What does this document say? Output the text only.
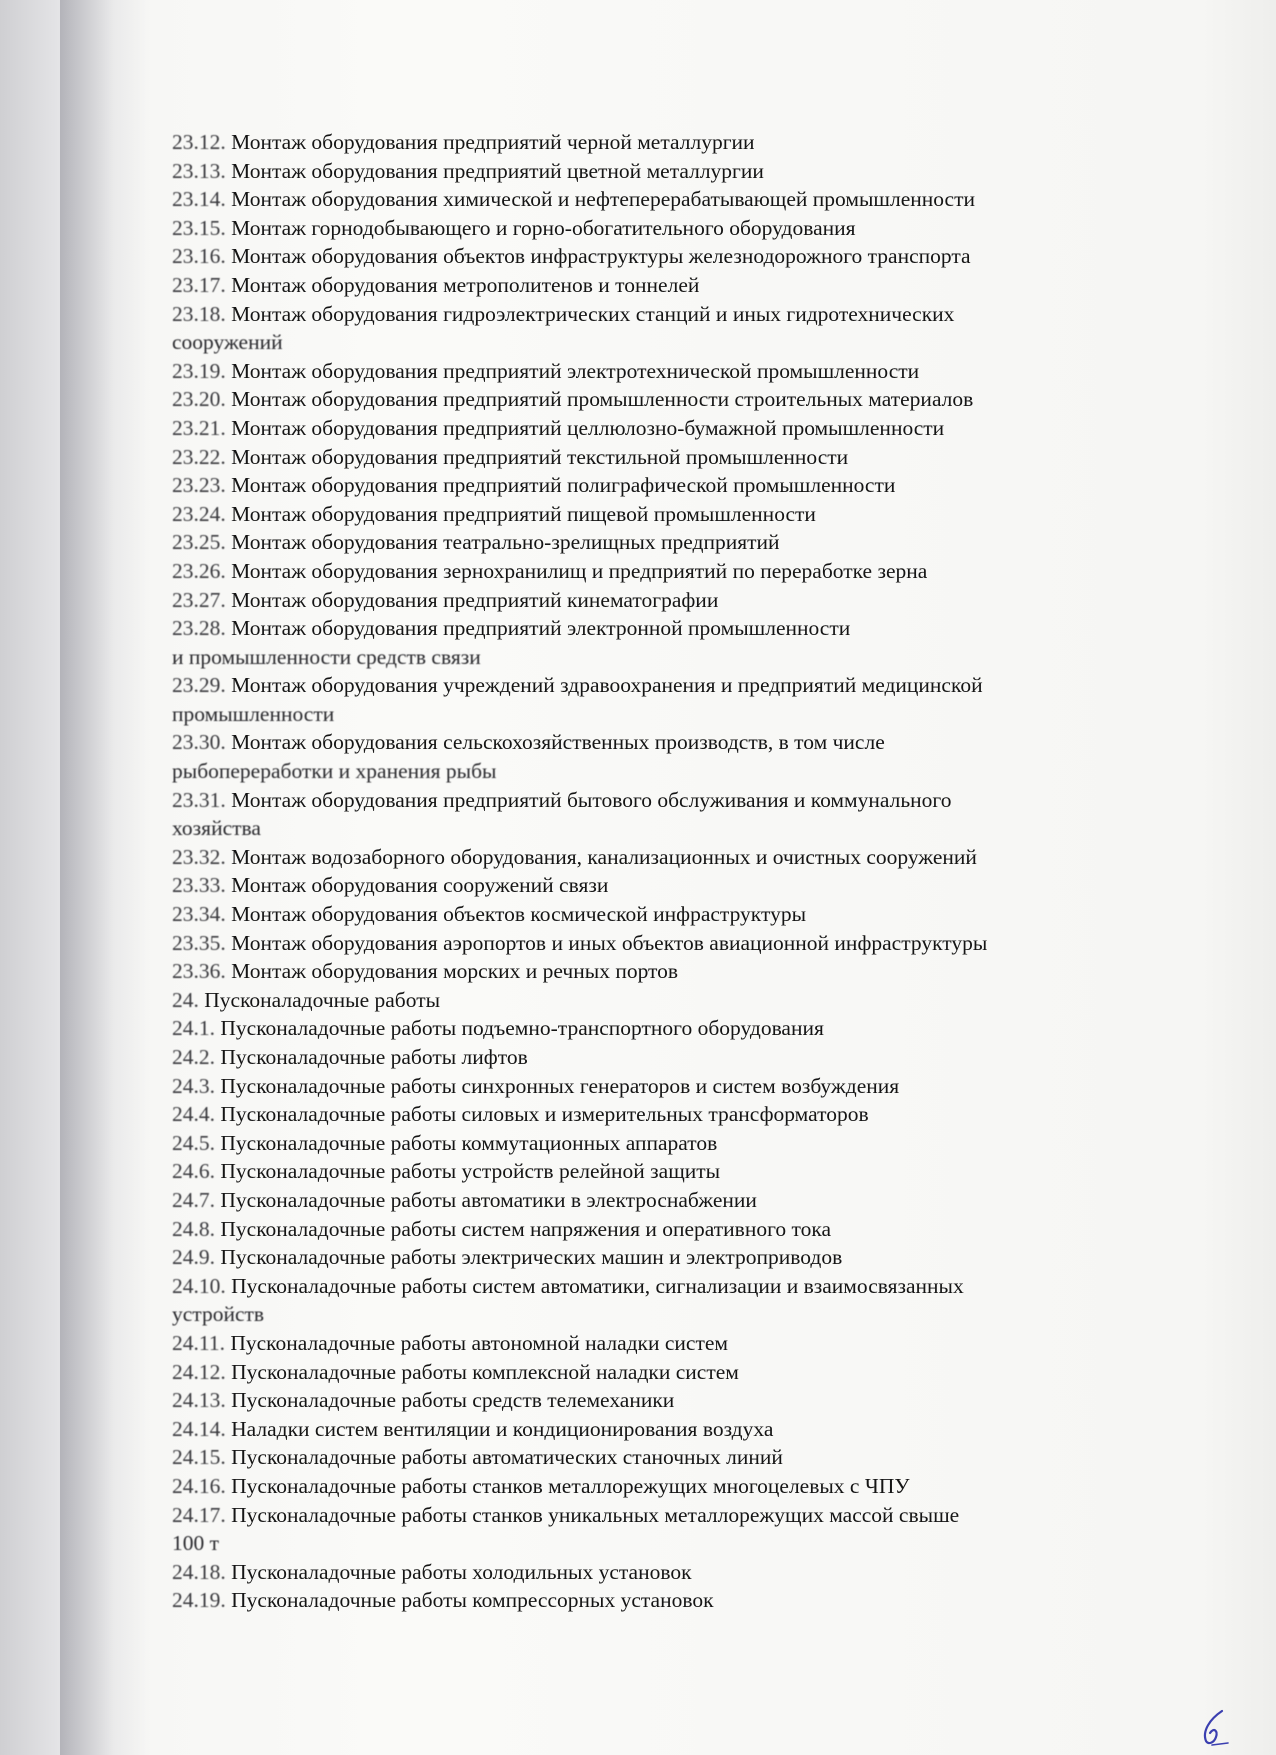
23.12. Монтаж оборудования предприятий черной металлургии
23.13. Монтаж оборудования предприятий цветной металлургии
23.14. Монтаж оборудования химической и нефтеперерабатывающей промышленности
23.15. Монтаж горнодобывающего и горно-обогатительного оборудования
23.16. Монтаж оборудования объектов инфраструктуры железнодорожного транспорта
23.17. Монтаж оборудования метрополитенов и тоннелей
23.18. Монтаж оборудования гидроэлектрических станций и иных гидротехнических
сооружений
23.19. Монтаж оборудования предприятий электротехнической промышленности
23.20. Монтаж оборудования предприятий промышленности строительных материалов
23.21. Монтаж оборудования предприятий целлюлозно-бумажной промышленности
23.22. Монтаж оборудования предприятий текстильной промышленности
23.23. Монтаж оборудования предприятий полиграфической промышленности
23.24. Монтаж оборудования предприятий пищевой промышленности
23.25. Монтаж оборудования театрально-зрелищных предприятий
23.26. Монтаж оборудования зернохранилищ и предприятий по переработке зерна
23.27. Монтаж оборудования предприятий кинематографии
23.28. Монтаж оборудования предприятий электронной промышленности
и промышленности средств связи
23.29. Монтаж оборудования учреждений здравоохранения и предприятий медицинской
промышленности
23.30. Монтаж оборудования сельскохозяйственных производств, в том числе
рыбопереработки и хранения рыбы
23.31. Монтаж оборудования предприятий бытового обслуживания и коммунального
хозяйства
23.32. Монтаж водозаборного оборудования, канализационных и очистных сооружений
23.33. Монтаж оборудования сооружений связи
23.34. Монтаж оборудования объектов космической инфраструктуры
23.35. Монтаж оборудования аэропортов и иных объектов авиационной инфраструктуры
23.36. Монтаж оборудования морских и речных портов
24. Пусконаладочные работы
24.1. Пусконаладочные работы подъемно-транспортного оборудования
24.2. Пусконаладочные работы лифтов
24.3. Пусконаладочные работы синхронных генераторов и систем возбуждения
24.4. Пусконаладочные работы силовых и измерительных трансформаторов
24.5. Пусконаладочные работы коммутационных аппаратов
24.6. Пусконаладочные работы устройств релейной защиты
24.7. Пусконаладочные работы автоматики в электроснабжении
24.8. Пусконаладочные работы систем напряжения и оперативного тока
24.9. Пусконаладочные работы электрических машин и электроприводов
24.10. Пусконаладочные работы систем автоматики, сигнализации и взаимосвязанных
устройств
24.11. Пусконаладочные работы автономной наладки систем
24.12. Пусконаладочные работы комплексной наладки систем
24.13. Пусконаладочные работы средств телемеханики
24.14. Наладки систем вентиляции и кондиционирования воздуха
24.15. Пусконаладочные работы автоматических станочных линий
24.16. Пусконаладочные работы станков металлорежущих многоцелевых с ЧПУ
24.17. Пусконаладочные работы станков уникальных металлорежущих массой свыше
100 т
24.18. Пусконаладочные работы холодильных установок
24.19. Пусконаладочные работы компрессорных установок
